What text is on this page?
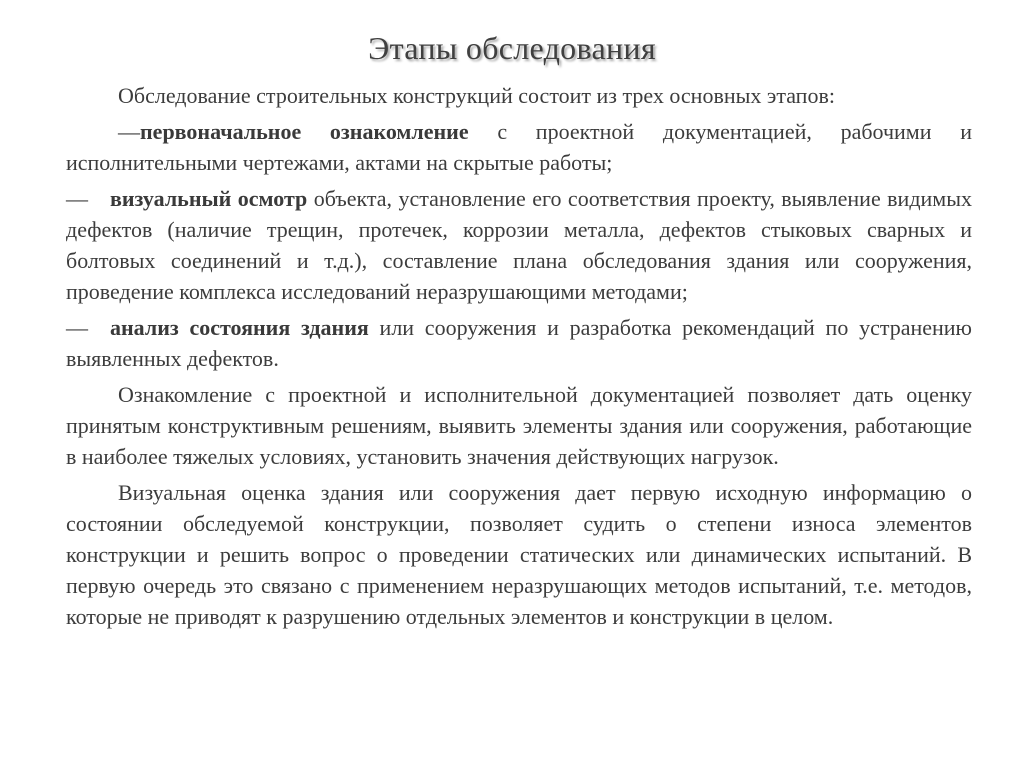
Этапы обследования

Обследование строительных конструкций состоит из трех основных этапов:

—первоначальное ознакомление с проектной документацией, рабочими и исполнительными чертежами, актами на скрытые работы;

— визуальный осмотр объекта, установление его соответствия проекту, выявление видимых дефектов (наличие трещин, протечек, коррозии металла, дефектов стыковых сварных и болтовых соединений и т.д.), составление плана обследования здания или сооружения, проведение комплекса исследований неразрушающими методами;

— анализ состояния здания или сооружения и разработка рекомендаций по устранению выявленных дефектов.

Ознакомление с проектной и исполнительной документацией позволяет дать оценку принятым конструктивным решениям, выявить элементы здания или сооружения, работающие в наиболее тяжелых условиях, установить значения действующих нагрузок.

Визуальная оценка здания или сооружения дает первую исходную информацию о состоянии обследуемой конструкции, позволяет судить о степени износа элементов конструкции и решить вопрос о проведении статических или динамических испытаний. В первую очередь это связано с применением неразрушающих методов испытаний, т.е. методов, которые не приводят к разрушению отдельных элементов и конструкции в целом.
